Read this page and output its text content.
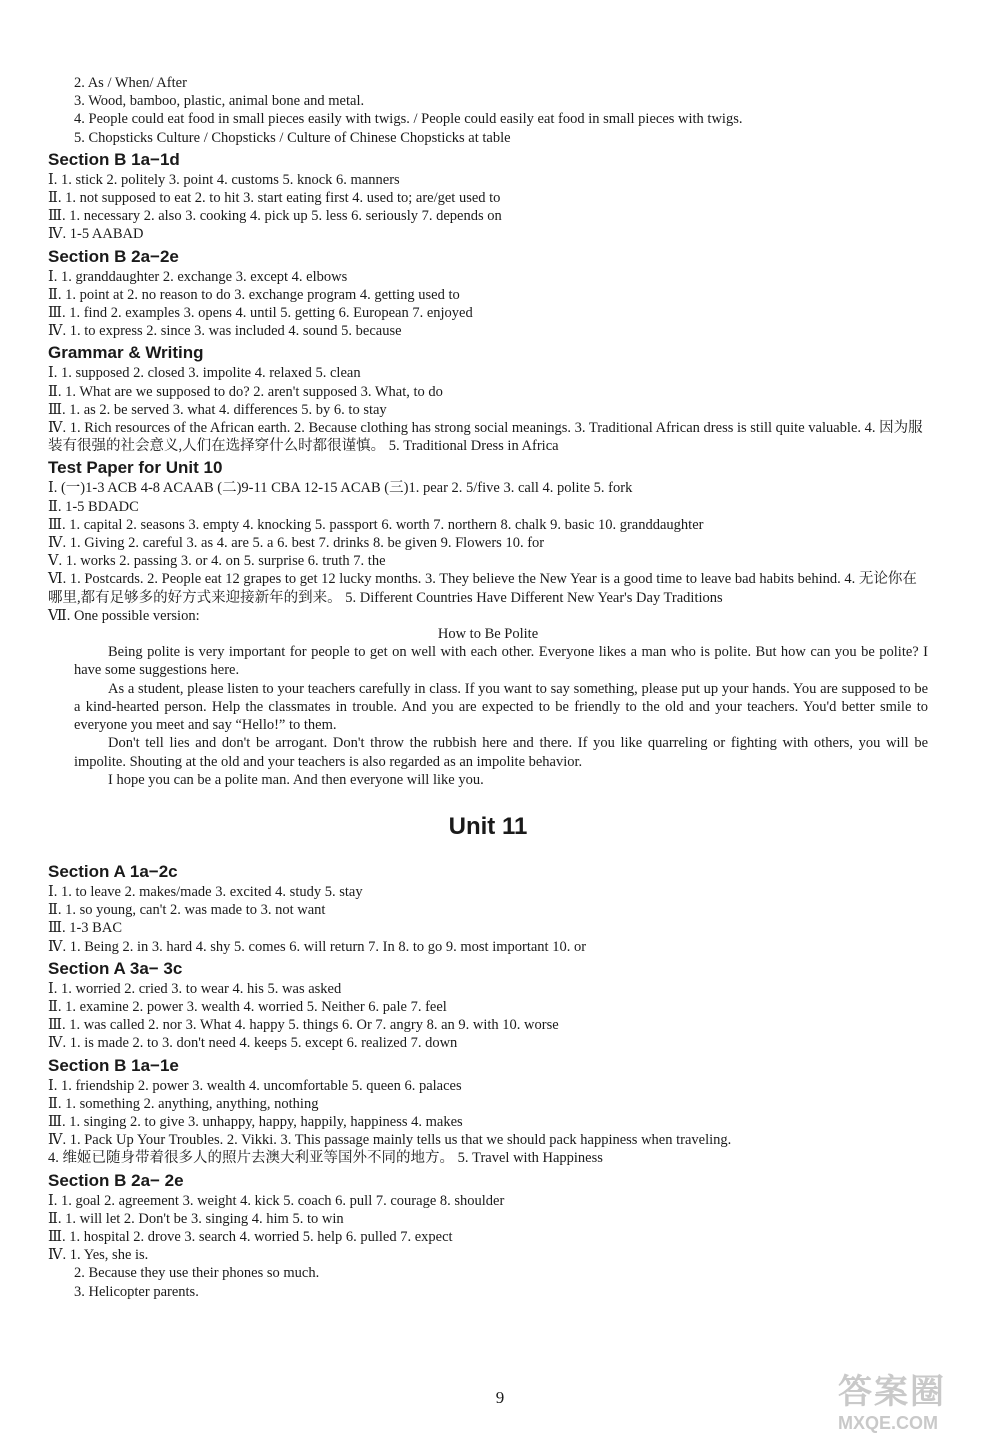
2. As / When/ After
3. Wood, bamboo, plastic, animal bone and metal.
4. People could eat food in small pieces easily with twigs. / People could easily eat food in small pieces with twigs.
5. Chopsticks Culture / Chopsticks / Culture of Chinese Chopsticks at table
Section B 1a−1d
Ⅰ. 1. stick 2. politely 3. point 4. customs 5. knock 6. manners
Ⅱ. 1. not supposed to eat 2. to hit 3. start eating first 4. used to; are/get used to
Ⅲ. 1. necessary 2. also 3. cooking 4. pick up 5. less 6. seriously 7. depends on
Ⅳ. 1-5 AABAD
Section B 2a−2e
Ⅰ. 1. granddaughter 2. exchange 3. except 4. elbows
Ⅱ. 1. point at 2. no reason to do 3. exchange program 4. getting used to
Ⅲ. 1. find 2. examples 3. opens 4. until 5. getting 6. European 7. enjoyed
Ⅳ. 1. to express 2. since 3. was included 4. sound 5. because
Grammar & Writing
Ⅰ. 1. supposed 2. closed 3. impolite 4. relaxed 5. clean
Ⅱ. 1. What are we supposed to do? 2. aren't supposed 3. What, to do
Ⅲ. 1. as 2. be served 3. what 4. differences 5. by 6. to stay
Ⅳ. 1. Rich resources of the African earth. 2. Because clothing has strong social meanings. 3. Traditional African dress is still quite valuable. 4. 因为服装有很强的社会意义,人们在选择穿什么时都很谨慎。 5. Traditional Dress in Africa
Test Paper for Unit 10
Ⅰ. (一)1-3 ACB 4-8 ACAAB (二)9-11 CBA 12-15 ACAB (三)1. pear 2. 5/five 3. call 4. polite 5. fork
Ⅱ. 1-5 BDADC
Ⅲ. 1. capital 2. seasons 3. empty 4. knocking 5. passport 6. worth 7. northern 8. chalk 9. basic 10. granddaughter
Ⅳ. 1. Giving 2. careful 3. as 4. are 5. a 6. best 7. drinks 8. be given 9. Flowers 10. for
Ⅴ. 1. works 2. passing 3. or 4. on 5. surprise 6. truth 7. the
Ⅵ. 1. Postcards. 2. People eat 12 grapes to get 12 lucky months. 3. They believe the New Year is a good time to leave bad habits behind. 4. 无论你在哪里,都有足够多的好方式来迎接新年的到来。 5. Different Countries Have Different New Year's Day Traditions
Ⅶ. One possible version:
How to Be Polite
Being polite is very important for people to get on well with each other. Everyone likes a man who is polite. But how can you be polite? I have some suggestions here.
As a student, please listen to your teachers carefully in class. If you want to say something, please put up your hands. You are supposed to be a kind-hearted person. Help the classmates in trouble. And you are expected to be friendly to the old and your teachers. You'd better smile to everyone you meet and say “Hello!” to them.
Don't tell lies and don't be arrogant. Don't throw the rubbish here and there. If you like quarreling or fighting with others, you will be impolite. Shouting at the old and your teachers is also regarded as an impolite behavior.
I hope you can be a polite man. And then everyone will like you.
Unit 11
Section A 1a−2c
Ⅰ. 1. to leave 2. makes/made 3. excited 4. study 5. stay
Ⅱ. 1. so young, can't 2. was made to 3. not want
Ⅲ. 1-3 BAC
Ⅳ. 1. Being 2. in 3. hard 4. shy 5. comes 6. will return 7. In 8. to go 9. most important 10. or
Section A 3a− 3c
Ⅰ. 1. worried 2. cried 3. to wear 4. his 5. was asked
Ⅱ. 1. examine 2. power 3. wealth 4. worried 5. Neither 6. pale 7. feel
Ⅲ. 1. was called 2. nor 3. What 4. happy 5. things 6. Or 7. angry 8. an 9. with 10. worse
Ⅳ. 1. is made 2. to 3. don't need 4. keeps 5. except 6. realized 7. down
Section B 1a−1e
Ⅰ. 1. friendship 2. power 3. wealth 4. uncomfortable 5. queen 6. palaces
Ⅱ. 1. something 2. anything, anything, nothing
Ⅲ. 1. singing 2. to give 3. unhappy, happy, happily, happiness 4. makes
Ⅳ. 1. Pack Up Your Troubles. 2. Vikki. 3. This passage mainly tells us that we should pack happiness when traveling.
4. 维姬已随身带着很多人的照片去澳大利亚等国外不同的地方。 5. Travel with Happiness
Section B 2a− 2e
Ⅰ. 1. goal 2. agreement 3. weight 4. kick 5. coach 6. pull 7. courage 8. shoulder
Ⅱ. 1. will let 2. Don't be 3. singing 4. him 5. to win
Ⅲ. 1. hospital 2. drove 3. search 4. worried 5. help 6. pulled 7. expect
Ⅳ. 1. Yes, she is.
2. Because they use their phones so much.
3. Helicopter parents.
9	答案圈
MXQE.COM
